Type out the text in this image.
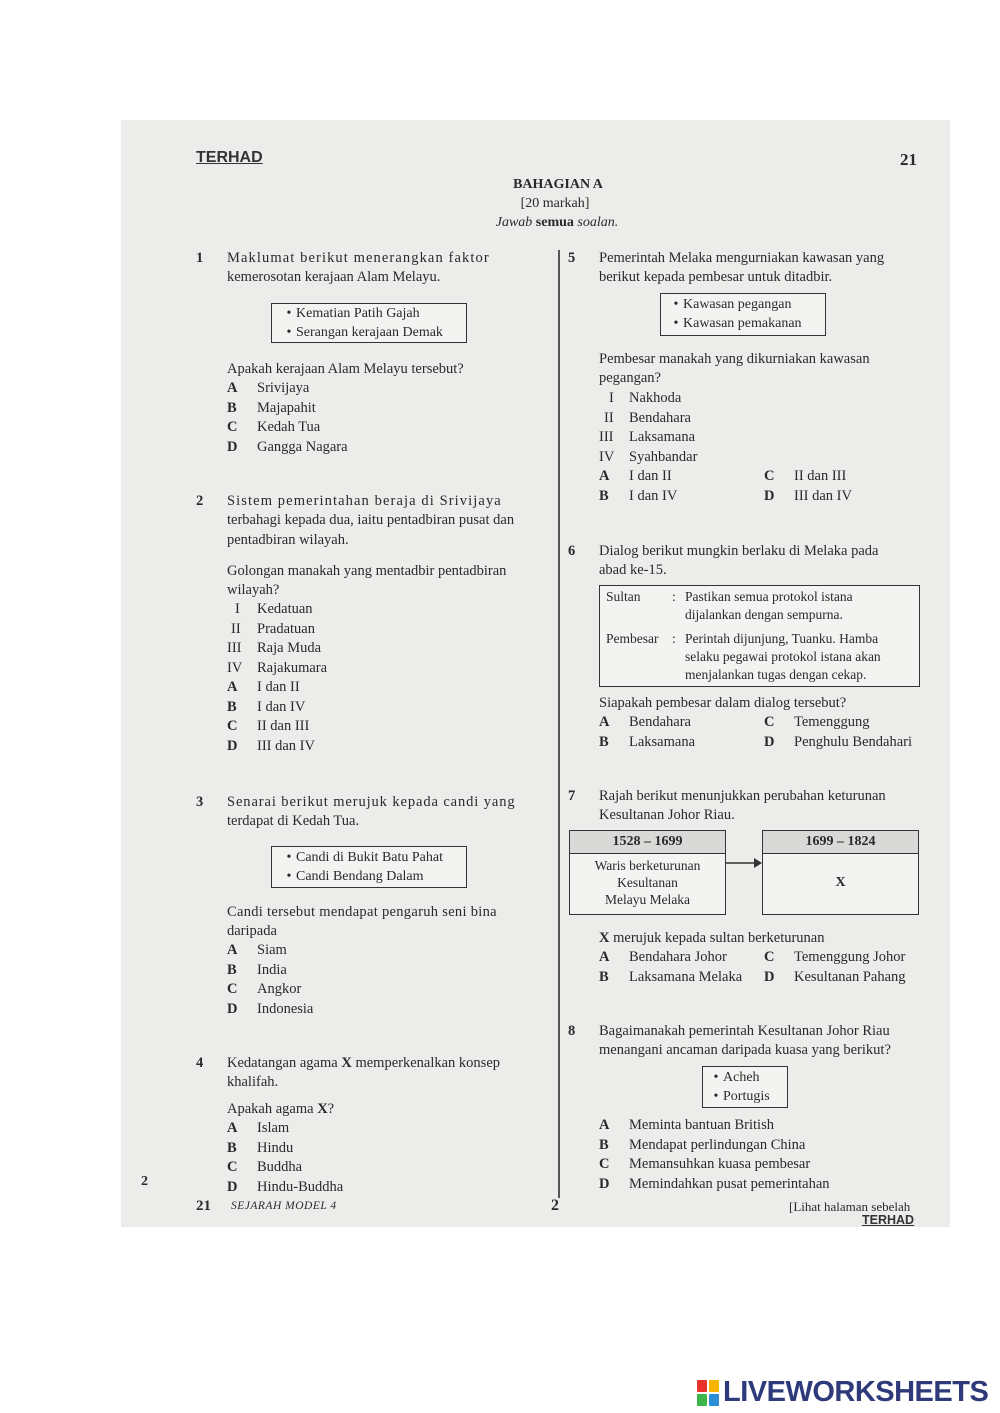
TERHAD	21
BAHAGIAN A
[20 markah]
Jawab semua soalan.
1 Maklumat berikut menerangkan faktor
kemerosotan kerajaan Alam Melayu.
• Kematian Patih Gajah
• Serangan kerajaan Demak
Apakah kerajaan Alam Melayu tersebut?
A Srivijaya
B Majapahit
C Kedah Tua
D Gangga Nagara
2 Sistem pemerintahan beraja di Srivijaya
terbahagi kepada dua, iaitu pentadbiran pusat dan
pentadbiran wilayah.
Golongan manakah yang mentadbir pentadbiran
wilayah?
I Kedatuan
II Pradatuan
III Raja Muda
IV Rajakumara
A I dan II
B I dan IV
C II dan III
D III dan IV
3 Senarai berikut merujuk kepada candi yang
terdapat di Kedah Tua.
• Candi di Bukit Batu Pahat
• Candi Bendang Dalam
Candi tersebut mendapat pengaruh seni bina
daripada
A Siam
B India
C Angkor
D Indonesia
4 Kedatangan agama X memperkenalkan konsep
khalifah.
Apakah agama X?
A Islam
B Hindu
C Buddha
D Hindu-Buddha
5 Pemerintah Melaka mengurniakan kawasan yang
berikut kepada pembesar untuk ditadbir.
• Kawasan pegangan
• Kawasan pemakanan
Pembesar manakah yang dikurniakan kawasan
pegangan?
I Nakhoda
II Bendahara
III Laksamana
IV Syahbandar
A I dan II	C II dan III
B I dan IV	D III dan IV
6 Dialog berikut mungkin berlaku di Melaka pada
abad ke-15.
Sultan	: Pastikan semua protokol istana
dijalankan dengan sempurna.
Pembesar	: Perintah dijunjung, Tuanku. Hamba
selaku pegawai protokol istana akan
menjalankan tugas dengan cekap.
Siapakah pembesar dalam dialog tersebut?
A Bendahara	C Temenggung
B Laksamana	D Penghulu Bendahari
7 Rajah berikut menunjukkan perubahan keturunan
Kesultanan Johor Riau.
1528 – 1699
Waris berketurunan
Kesultanan
Melayu Melaka
1699 – 1824
X
X merujuk kepada sultan berketurunan
A Bendahara Johor	C Temenggung Johor
B Laksamana Melaka	D Kesultanan Pahang
8 Bagaimanakah pemerintah Kesultanan Johor Riau
menangani ancaman daripada kuasa yang berikut?
• Acheh
• Portugis
A Meminta bantuan British
B Mendapat perlindungan China
C Memansuhkan kuasa pembesar
D Memindahkan pusat pemerintahan
2
21 SEJARAH MODEL 4	2	[Lihat halaman sebelah
TERHAD
LIVEWORKSHEETS
